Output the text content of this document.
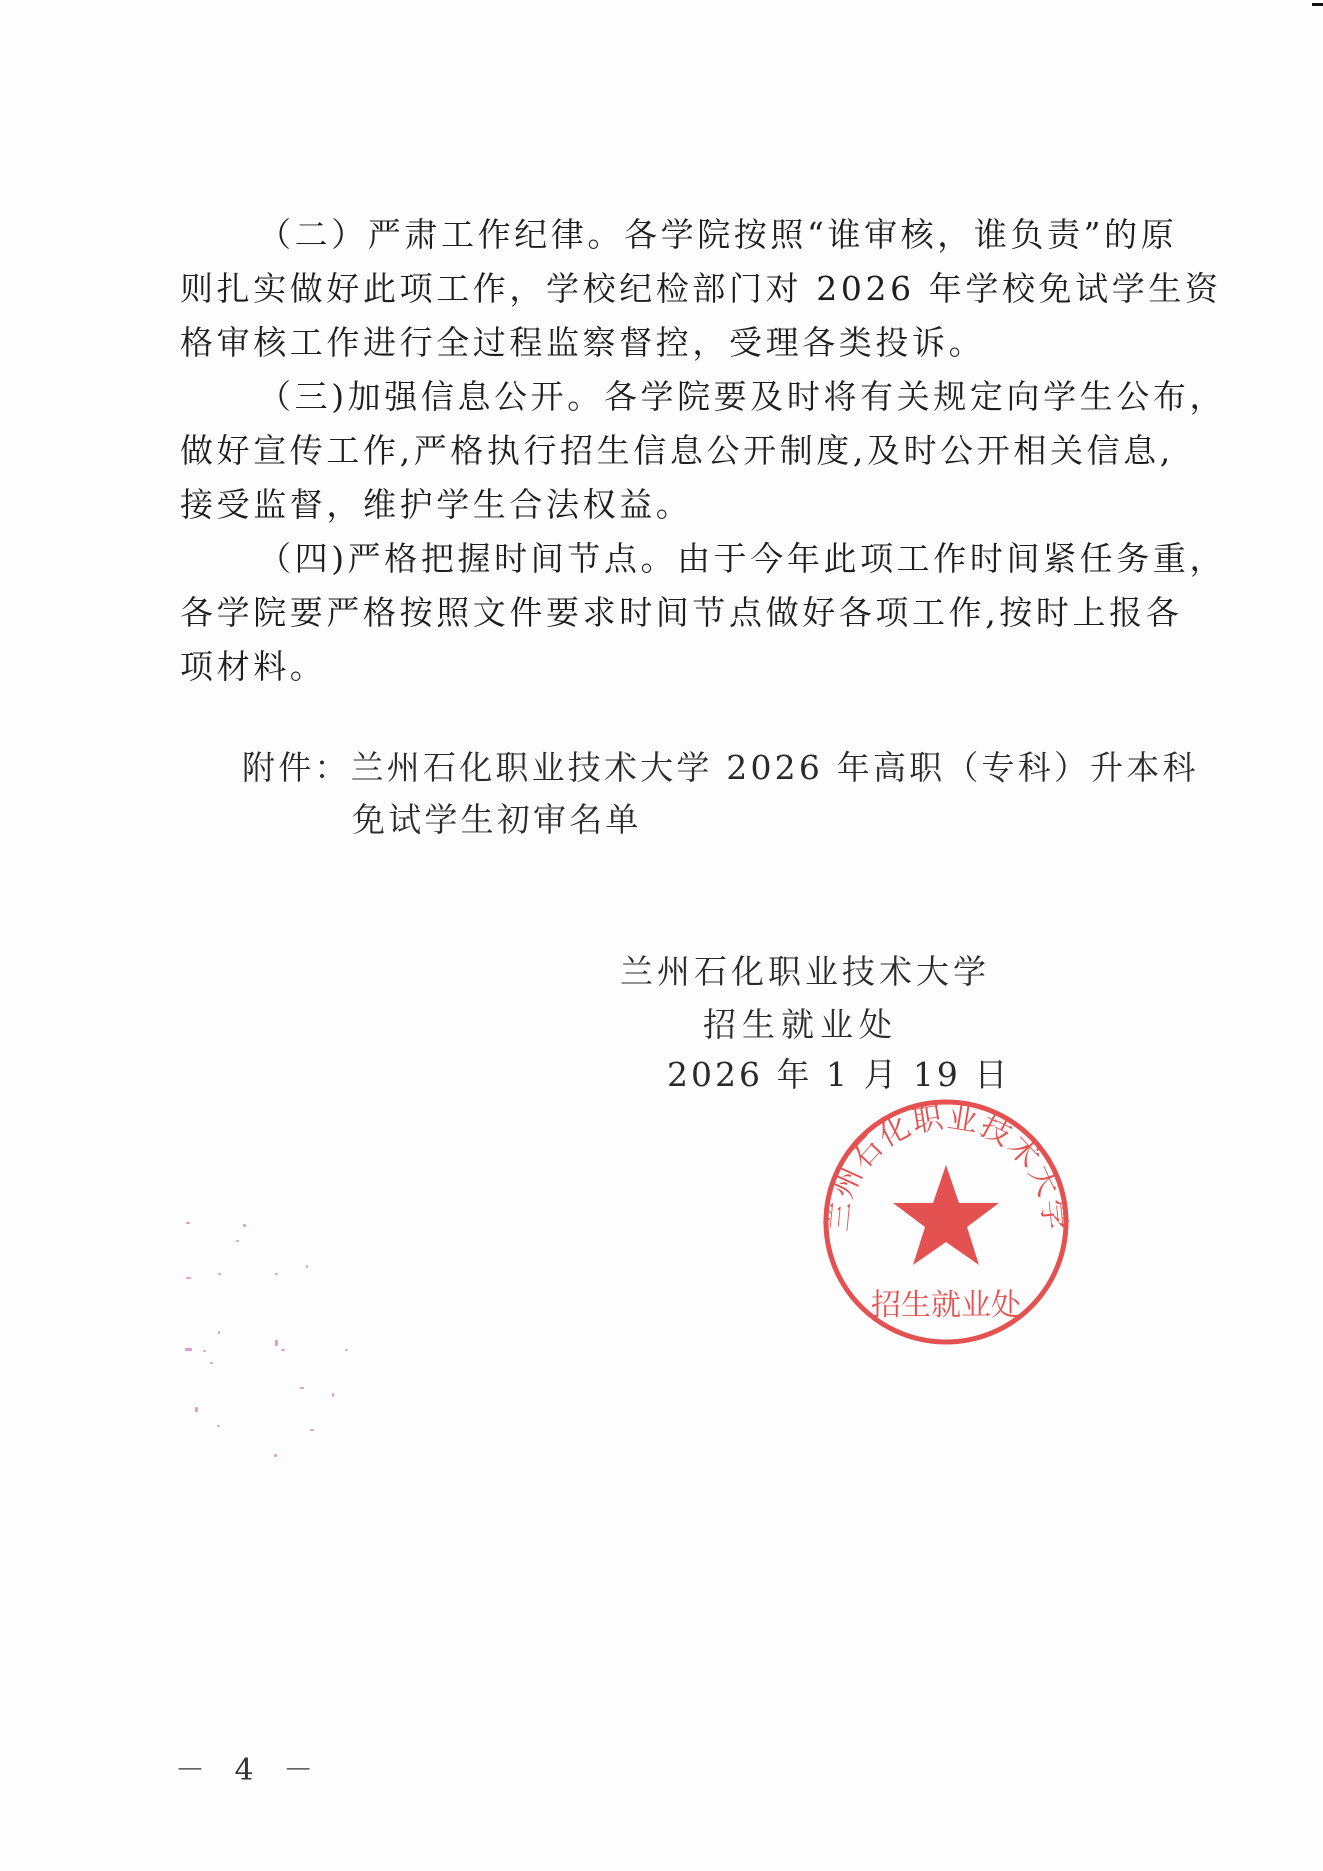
（二）严肃工作纪律。各学院按照“谁审核，谁负责”的原
则扎实做好此项工作，学校纪检部门对 2026 年学校免试学生资
格审核工作进行全过程监察督控，受理各类投诉。
（三)加强信息公开。各学院要及时将有关规定向学生公布，
做好宣传工作,严格执行招生信息公开制度,及时公开相关信息,
接受监督，维护学生合法权益。
（四)严格把握时间节点。由于今年此项工作时间紧任务重，
各学院要严格按照文件要求时间节点做好各项工作,按时上报各
项材料。
附件：兰州石化职业技术大学 2026 年高职（专科）升本科
免试学生初审名单
兰州石化职业技术大学
招生就业处
2026 年 1 月 19 日
兰州石化职业技术大学
招生就业处
－ 4 －
